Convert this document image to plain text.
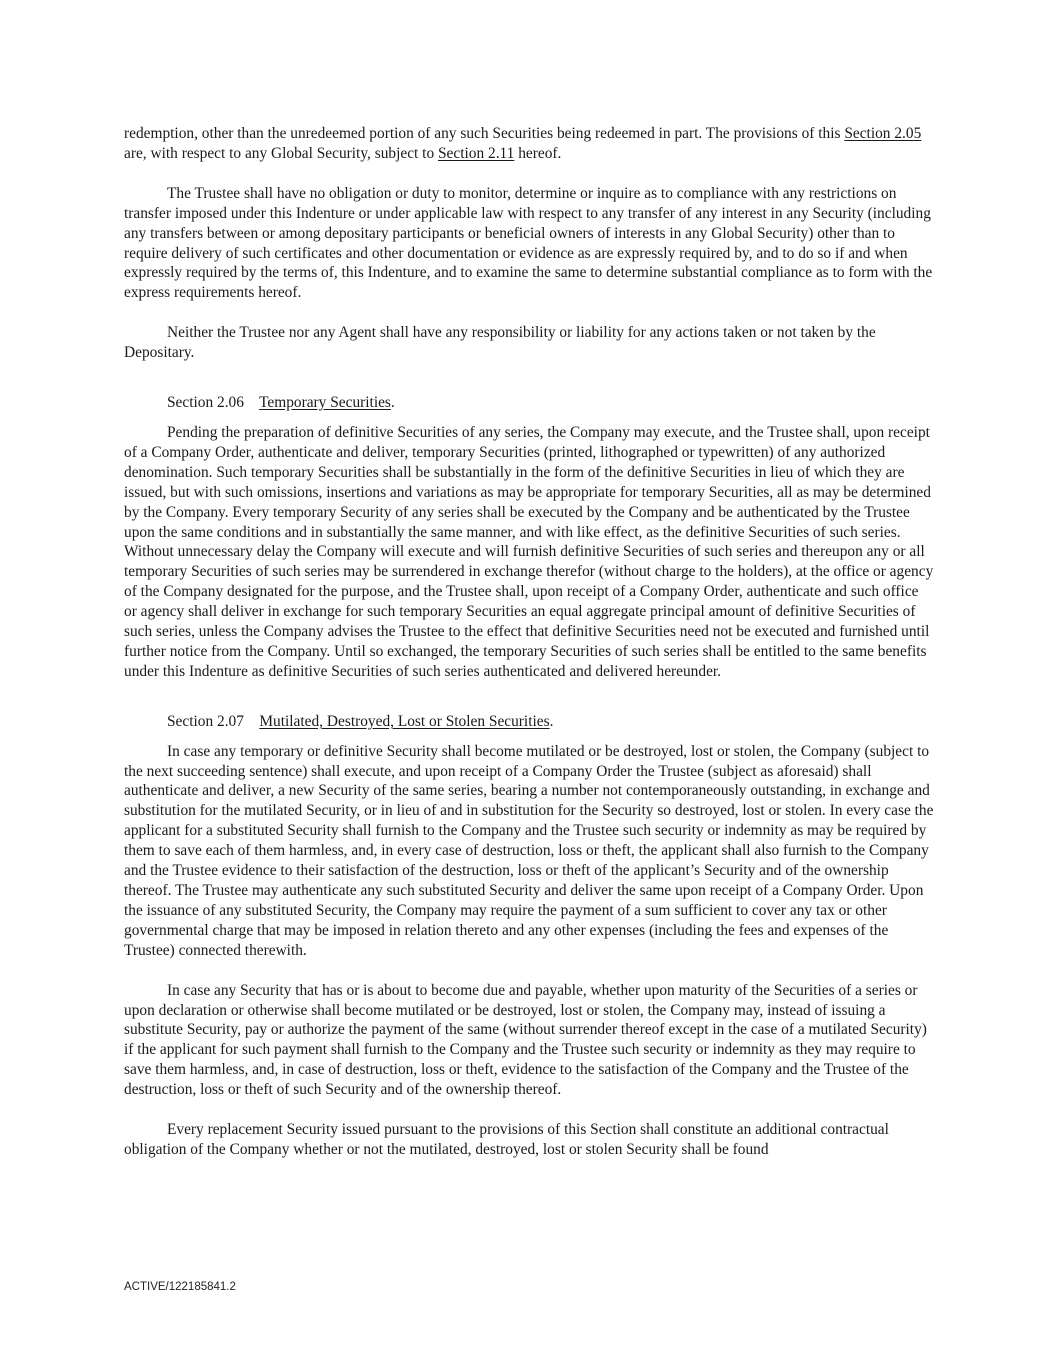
redemption, other than the unredeemed portion of any such Securities being redeemed in part. The provisions of this Section 2.05 are, with respect to any Global Security, subject to Section 2.11 hereof.

The Trustee shall have no obligation or duty to monitor, determine or inquire as to compliance with any restrictions on transfer imposed under this Indenture or under applicable law with respect to any transfer of any interest in any Security (including any transfers between or among depositary participants or beneficial owners of interests in any Global Security) other than to require delivery of such certificates and other documentation or evidence as are expressly required by, and to do so if and when expressly required by the terms of, this Indenture, and to examine the same to determine substantial compliance as to form with the express requirements hereof.

Neither the Trustee nor any Agent shall have any responsibility or liability for any actions taken or not taken by the Depositary.

Section 2.06 Temporary Securities.

Pending the preparation of definitive Securities of any series, the Company may execute, and the Trustee shall, upon receipt of a Company Order, authenticate and deliver, temporary Securities (printed, lithographed or typewritten) of any authorized denomination. Such temporary Securities shall be substantially in the form of the definitive Securities in lieu of which they are issued, but with such omissions, insertions and variations as may be appropriate for temporary Securities, all as may be determined by the Company. Every temporary Security of any series shall be executed by the Company and be authenticated by the Trustee upon the same conditions and in substantially the same manner, and with like effect, as the definitive Securities of such series. Without unnecessary delay the Company will execute and will furnish definitive Securities of such series and thereupon any or all temporary Securities of such series may be surrendered in exchange therefor (without charge to the holders), at the office or agency of the Company designated for the purpose, and the Trustee shall, upon receipt of a Company Order, authenticate and such office or agency shall deliver in exchange for such temporary Securities an equal aggregate principal amount of definitive Securities of such series, unless the Company advises the Trustee to the effect that definitive Securities need not be executed and furnished until further notice from the Company. Until so exchanged, the temporary Securities of such series shall be entitled to the same benefits under this Indenture as definitive Securities of such series authenticated and delivered hereunder.

Section 2.07 Mutilated, Destroyed, Lost or Stolen Securities.

In case any temporary or definitive Security shall become mutilated or be destroyed, lost or stolen, the Company (subject to the next succeeding sentence) shall execute, and upon receipt of a Company Order the Trustee (subject as aforesaid) shall authenticate and deliver, a new Security of the same series, bearing a number not contemporaneously outstanding, in exchange and substitution for the mutilated Security, or in lieu of and in substitution for the Security so destroyed, lost or stolen. In every case the applicant for a substituted Security shall furnish to the Company and the Trustee such security or indemnity as may be required by them to save each of them harmless, and, in every case of destruction, loss or theft, the applicant shall also furnish to the Company and the Trustee evidence to their satisfaction of the destruction, loss or theft of the applicant’s Security and of the ownership thereof. The Trustee may authenticate any such substituted Security and deliver the same upon receipt of a Company Order. Upon the issuance of any substituted Security, the Company may require the payment of a sum sufficient to cover any tax or other governmental charge that may be imposed in relation thereto and any other expenses (including the fees and expenses of the Trustee) connected therewith.

In case any Security that has or is about to become due and payable, whether upon maturity of the Securities of a series or upon declaration or otherwise shall become mutilated or be destroyed, lost or stolen, the Company may, instead of issuing a substitute Security, pay or authorize the payment of the same (without surrender thereof except in the case of a mutilated Security) if the applicant for such payment shall furnish to the Company and the Trustee such security or indemnity as they may require to save them harmless, and, in case of destruction, loss or theft, evidence to the satisfaction of the Company and the Trustee of the destruction, loss or theft of such Security and of the ownership thereof.

Every replacement Security issued pursuant to the provisions of this Section shall constitute an additional contractual obligation of the Company whether or not the mutilated, destroyed, lost or stolen Security shall be found

ACTIVE/122185841.2
